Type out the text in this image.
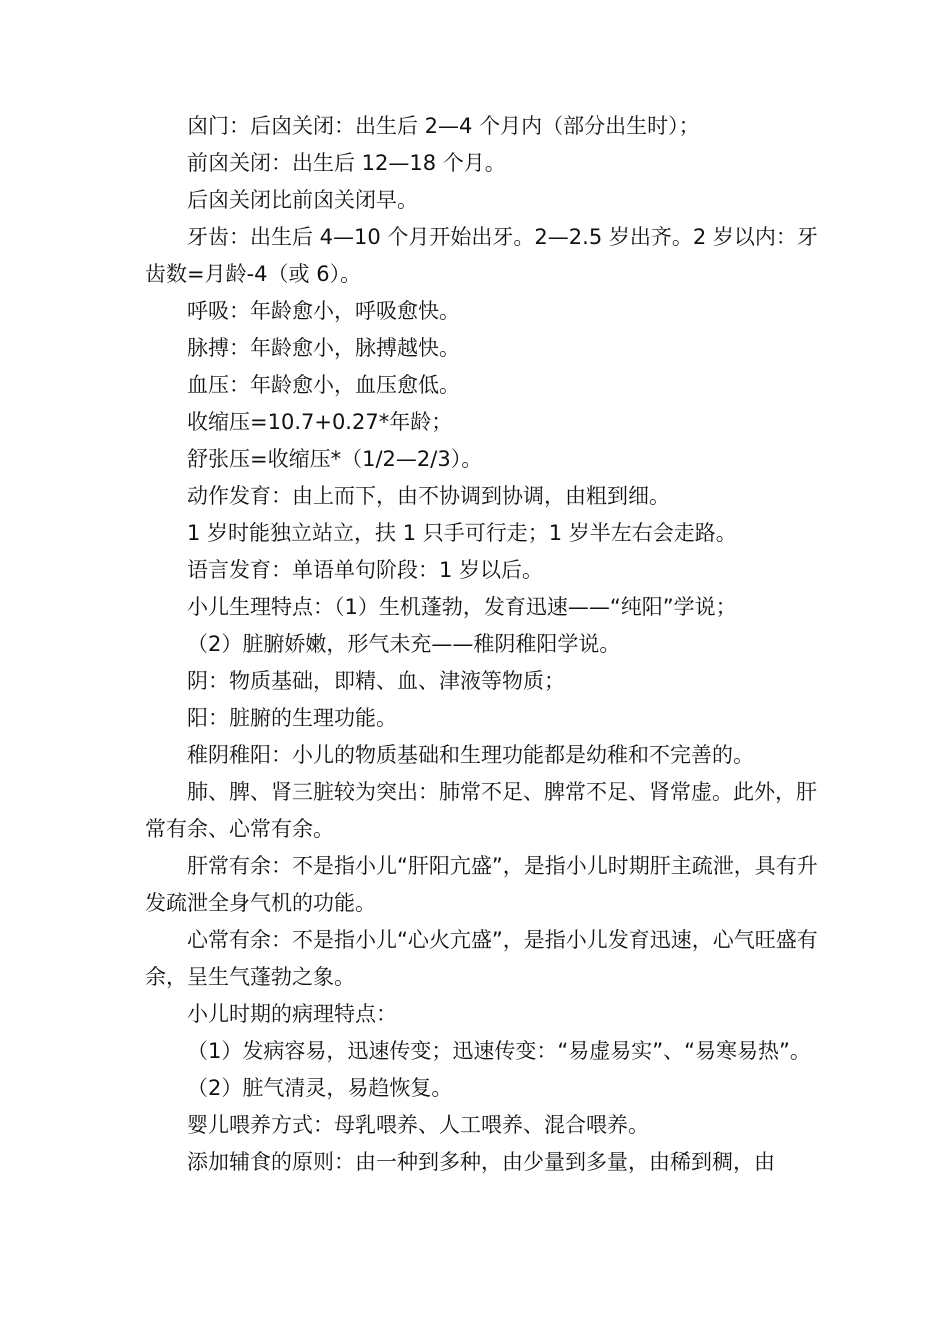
囟门：后囟关闭：出生后 2—4 个月内（部分出生时）；

前囟关闭：出生后 12—18 个月。

后囟关闭比前囟关闭早。

牙齿：出生后 4—10 个月开始出牙。2—2.5 岁出齐。2 岁以内：牙齿数=月龄-4（或 6）。

呼吸：年龄愈小，呼吸愈快。

脉搏：年龄愈小，脉搏越快。

血压：年龄愈小，血压愈低。

收缩压=10.7+0.27*年龄；

舒张压=收缩压*（1/2—2/3）。

动作发育：由上而下，由不协调到协调，由粗到细。

1 岁时能独立站立，扶 1 只手可行走；1 岁半左右会走路。

语言发育：单语单句阶段：1 岁以后。

小儿生理特点：（1）生机蓬勃，发育迅速——“纯阳”学说；

（2）脏腑娇嫩，形气未充——稚阴稚阳学说。

阴：物质基础，即精、血、津液等物质；

阳：脏腑的生理功能。

稚阴稚阳：小儿的物质基础和生理功能都是幼稚和不完善的。

肺、脾、肾三脏较为突出：肺常不足、脾常不足、肾常虚。此外，肝常有余、心常有余。

肝常有余：不是指小儿“肝阳亢盛”，是指小儿时期肝主疏泄，具有升发疏泄全身气机的功能。

心常有余：不是指小儿“心火亢盛”，是指小儿发育迅速，心气旺盛有余，呈生气蓬勃之象。

小儿时期的病理特点：

（1）发病容易，迅速传变；迅速传变：“易虚易实”、“易寒易热”。

（2）脏气清灵，易趋恢复。

婴儿喂养方式：母乳喂养、人工喂养、混合喂养。

添加辅食的原则：由一种到多种，由少量到多量，由稀到稠，由
